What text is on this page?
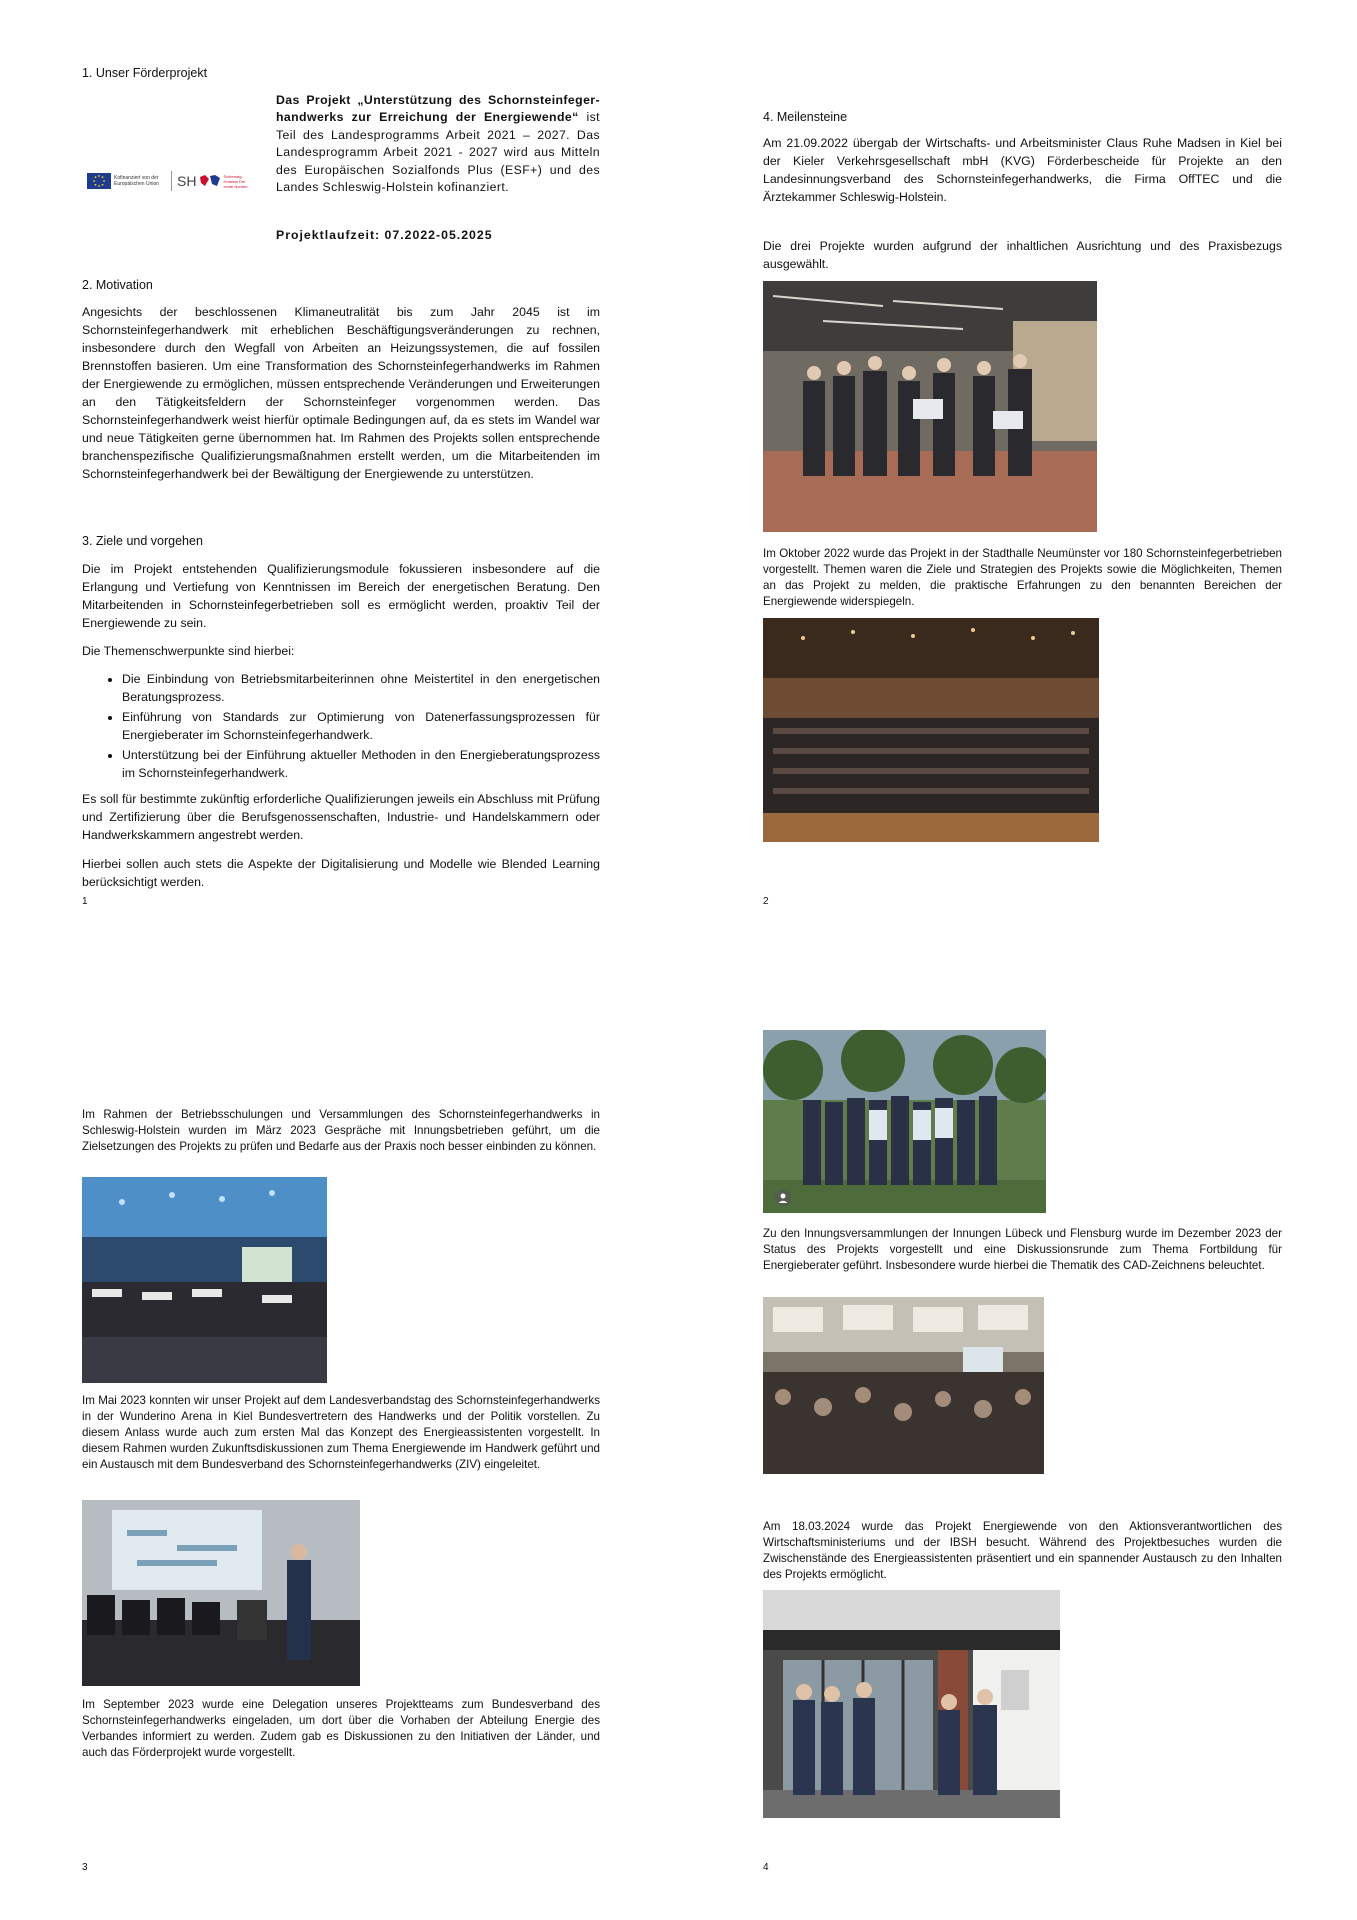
1. Unser Förderprojekt
Kofinanziert von der Europäischen Union	SH	Schleswig-Holstein Der echte Norden

Das Projekt „Unterstützung des Schornsteinfeger-handwerks zur Erreichung der Energiewende“ ist Teil des Landesprogramms Arbeit 2021 – 2027. Das Landesprogramm Arbeit 2021 - 2027 wird aus Mitteln des Europäischen Sozialfonds Plus (ESF+) und des Landes Schleswig-Holstein kofinanziert.

Projektlaufzeit: 07.2022-05.2025
2. Motivation

Angesichts der beschlossenen Klimaneutralität bis zum Jahr 2045 ist im Schornsteinfegerhandwerk mit erheblichen Beschäftigungsveränderungen zu rechnen, insbesondere durch den Wegfall von Arbeiten an Heizungssystemen, die auf fossilen Brennstoffen basieren. Um eine Transformation des Schornsteinfegerhandwerks im Rahmen der Energiewende zu ermöglichen, müssen entsprechende Veränderungen und Erweiterungen an den Tätigkeitsfeldern der Schornsteinfeger vorgenommen werden. Das Schornsteinfegerhandwerk weist hierfür optimale Bedingungen auf, da es stets im Wandel war und neue Tätigkeiten gerne übernommen hat. Im Rahmen des Projekts sollen entsprechende branchenspezifische Qualifizierungsmaßnahmen erstellt werden, um die Mitarbeitenden im Schornsteinfegerhandwerk bei der Bewältigung der Energiewende zu unterstützen.

3. Ziele und vorgehen

Die im Projekt entstehenden Qualifizierungsmodule fokussieren insbesondere auf die Erlangung und Vertiefung von Kenntnissen im Bereich der energetischen Beratung. Den Mitarbeitenden in Schornsteinfegerbetrieben soll es ermöglicht werden, proaktiv Teil der Energiewende zu sein.

Die Themenschwerpunkte sind hierbei:

• Die Einbindung von Betriebsmitarbeiterinnen ohne Meistertitel in den energetischen Beratungsprozess.
• Einführung von Standards zur Optimierung von Datenerfassungsprozessen für Energieberater im Schornsteinfegerhandwerk.
• Unterstützung bei der Einführung aktueller Methoden in den Energieberatungsprozess im Schornsteinfegerhandwerk.

Es soll für bestimmte zukünftig erforderliche Qualifizierungen jeweils ein Abschluss mit Prüfung und Zertifizierung über die Berufsgenossenschaften, Industrie- und Handelskammern oder Handwerkskammern angestrebt werden.

Hierbei sollen auch stets die Aspekte der Digitalisierung und Modelle wie Blended Learning berücksichtigt werden.

1
4. Meilensteine

Am 21.09.2022 übergab der Wirtschafts- und Arbeitsminister Claus Ruhe Madsen in Kiel bei der Kieler Verkehrsgesellschaft mbH (KVG) Förderbescheide für Projekte an den Landesinnungsverband des Schornsteinfegerhandwerks, die Firma OffTEC und die Ärztekammer Schleswig-Holstein.

Die drei Projekte wurden aufgrund der inhaltlichen Ausrichtung und des Praxisbezugs ausgewählt.

Im Oktober 2022 wurde das Projekt in der Stadthalle Neumünster vor 180 Schornsteinfegerbetrieben vorgestellt. Themen waren die Ziele und Strategien des Projekts sowie die Möglichkeiten, Themen an das Projekt zu melden, die praktische Erfahrungen zu den benannten Bereichen der Energiewende widerspiegeln.

2

Im Rahmen der Betriebsschulungen und Versammlungen des Schornsteinfegerhandwerks in Schleswig-Holstein wurden im März 2023 Gespräche mit Innungsbetrieben geführt, um die Zielsetzungen des Projekts zu prüfen und Bedarfe aus der Praxis noch besser einbinden zu können.

Im Mai 2023 konnten wir unser Projekt auf dem Landesverbandstag des Schornsteinfegerhandwerks in der Wunderino Arena in Kiel Bundesvertretern des Handwerks und der Politik vorstellen. Zu diesem Anlass wurde auch zum ersten Mal das Konzept des Energieassistenten vorgestellt. In diesem Rahmen wurden Zukunftsdiskussionen zum Thema Energiewende im Handwerk geführt und ein Austausch mit dem Bundesverband des Schornsteinfegerhandwerks (ZIV) eingeleitet.

Im September 2023 wurde eine Delegation unseres Projektteams zum Bundesverband des Schornsteinfegerhandwerks eingeladen, um dort über die Vorhaben der Abteilung Energie des Verbandes informiert zu werden. Zudem gab es Diskussionen zu den Initiativen der Länder, und auch das Förderprojekt wurde vorgestellt.

3

Zu den Innungsversammlungen der Innungen Lübeck und Flensburg wurde im Dezember 2023 der Status des Projekts vorgestellt und eine Diskussionsrunde zum Thema Fortbildung für Energieberater geführt. Insbesondere wurde hierbei die Thematik des CAD-Zeichnens beleuchtet.

Am 18.03.2024 wurde das Projekt Energiewende von den Aktionsverantwortlichen des Wirtschaftsministeriums und der IBSH besucht. Während des Projektbesuches wurden die Zwischenstände des Energieassistenten präsentiert und ein spannender Austausch zu den Inhalten des Projekts ermöglicht.

4
